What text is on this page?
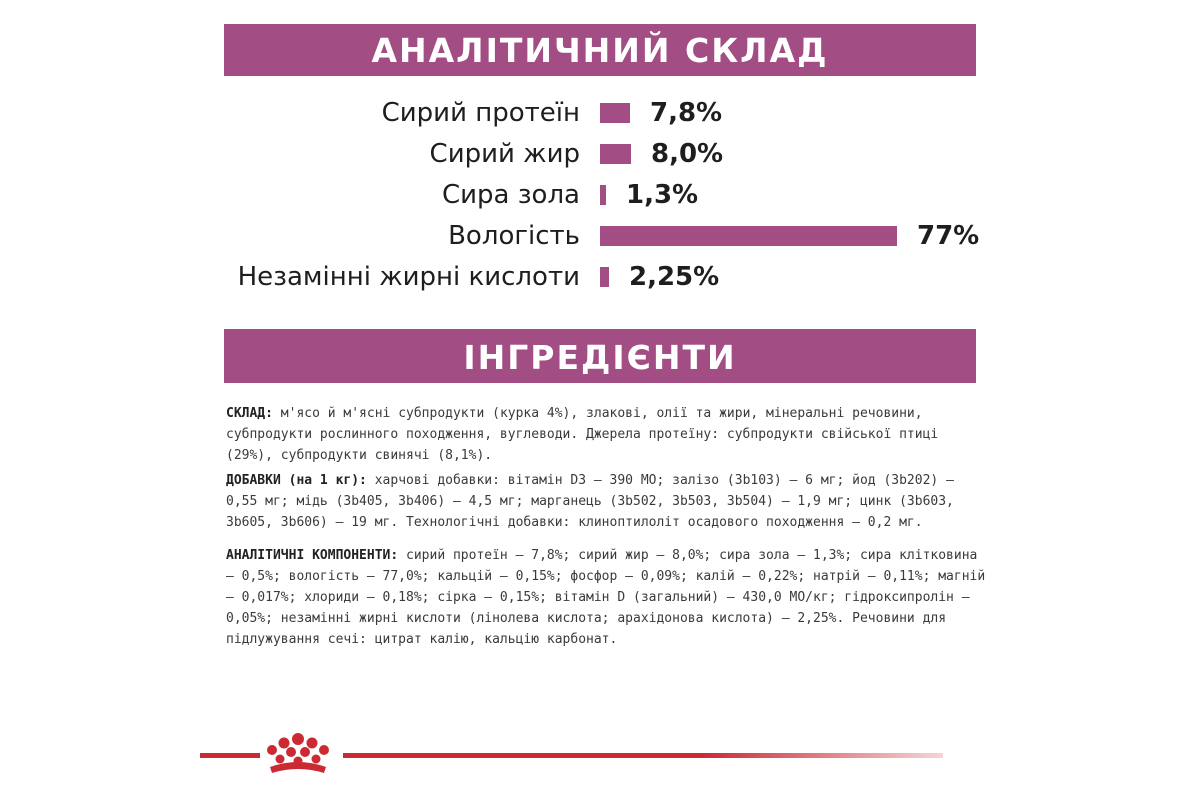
АНАЛІТИЧНИЙ СКЛАД
Сирий протеїн	7,8%
Сирий жир	8,0%
Сира зола 1,3%
Вологість	77%
Незамінні жирні кислоти 2,25%
ІНГРЕДІЄНТИ
СКЛАД: м'ясо й м'ясні субпродукти (курка 4%), злакові, олії та жири, мінеральні речовини, субпродукти рослинного походження, вуглеводи. Джерела протеїну: субпродукти свійської птиці (29%), субпродукти свинячі (8,1%).
ДОБАВКИ (на 1 кг): харчові добавки: вітамін D3 – 390 МО; залізо (3b103) – 6 мг; йод (3b202) – 0,55 мг; мідь (3b405, 3b406) – 4,5 мг; марганець (3b502, 3b503, 3b504) – 1,9 мг; цинк (3b603, 3b605, 3b606) – 19 мг. Технологічні добавки: клиноптилоліт осадового походження – 0,2 мг.
АНАЛІТИЧНІ КОМПОНЕНТИ: сирий протеїн – 7,8%; сирий жир – 8,0%; сира зола – 1,3%; сира клітковина – 0,5%; вологість – 77,0%; кальцій – 0,15%; фосфор – 0,09%; калій – 0,22%; натрій – 0,11%; магній – 0,017%; хлориди – 0,18%; сірка – 0,15%; вітамін D (загальний) – 430,0 МО/кг; гідроксипролін – 0,05%; незамінні жирні кислоти (лінолева кислота; арахідонова кислота) – 2,25%. Речовини для підлужування сечі: цитрат калію, кальцію карбонат.
